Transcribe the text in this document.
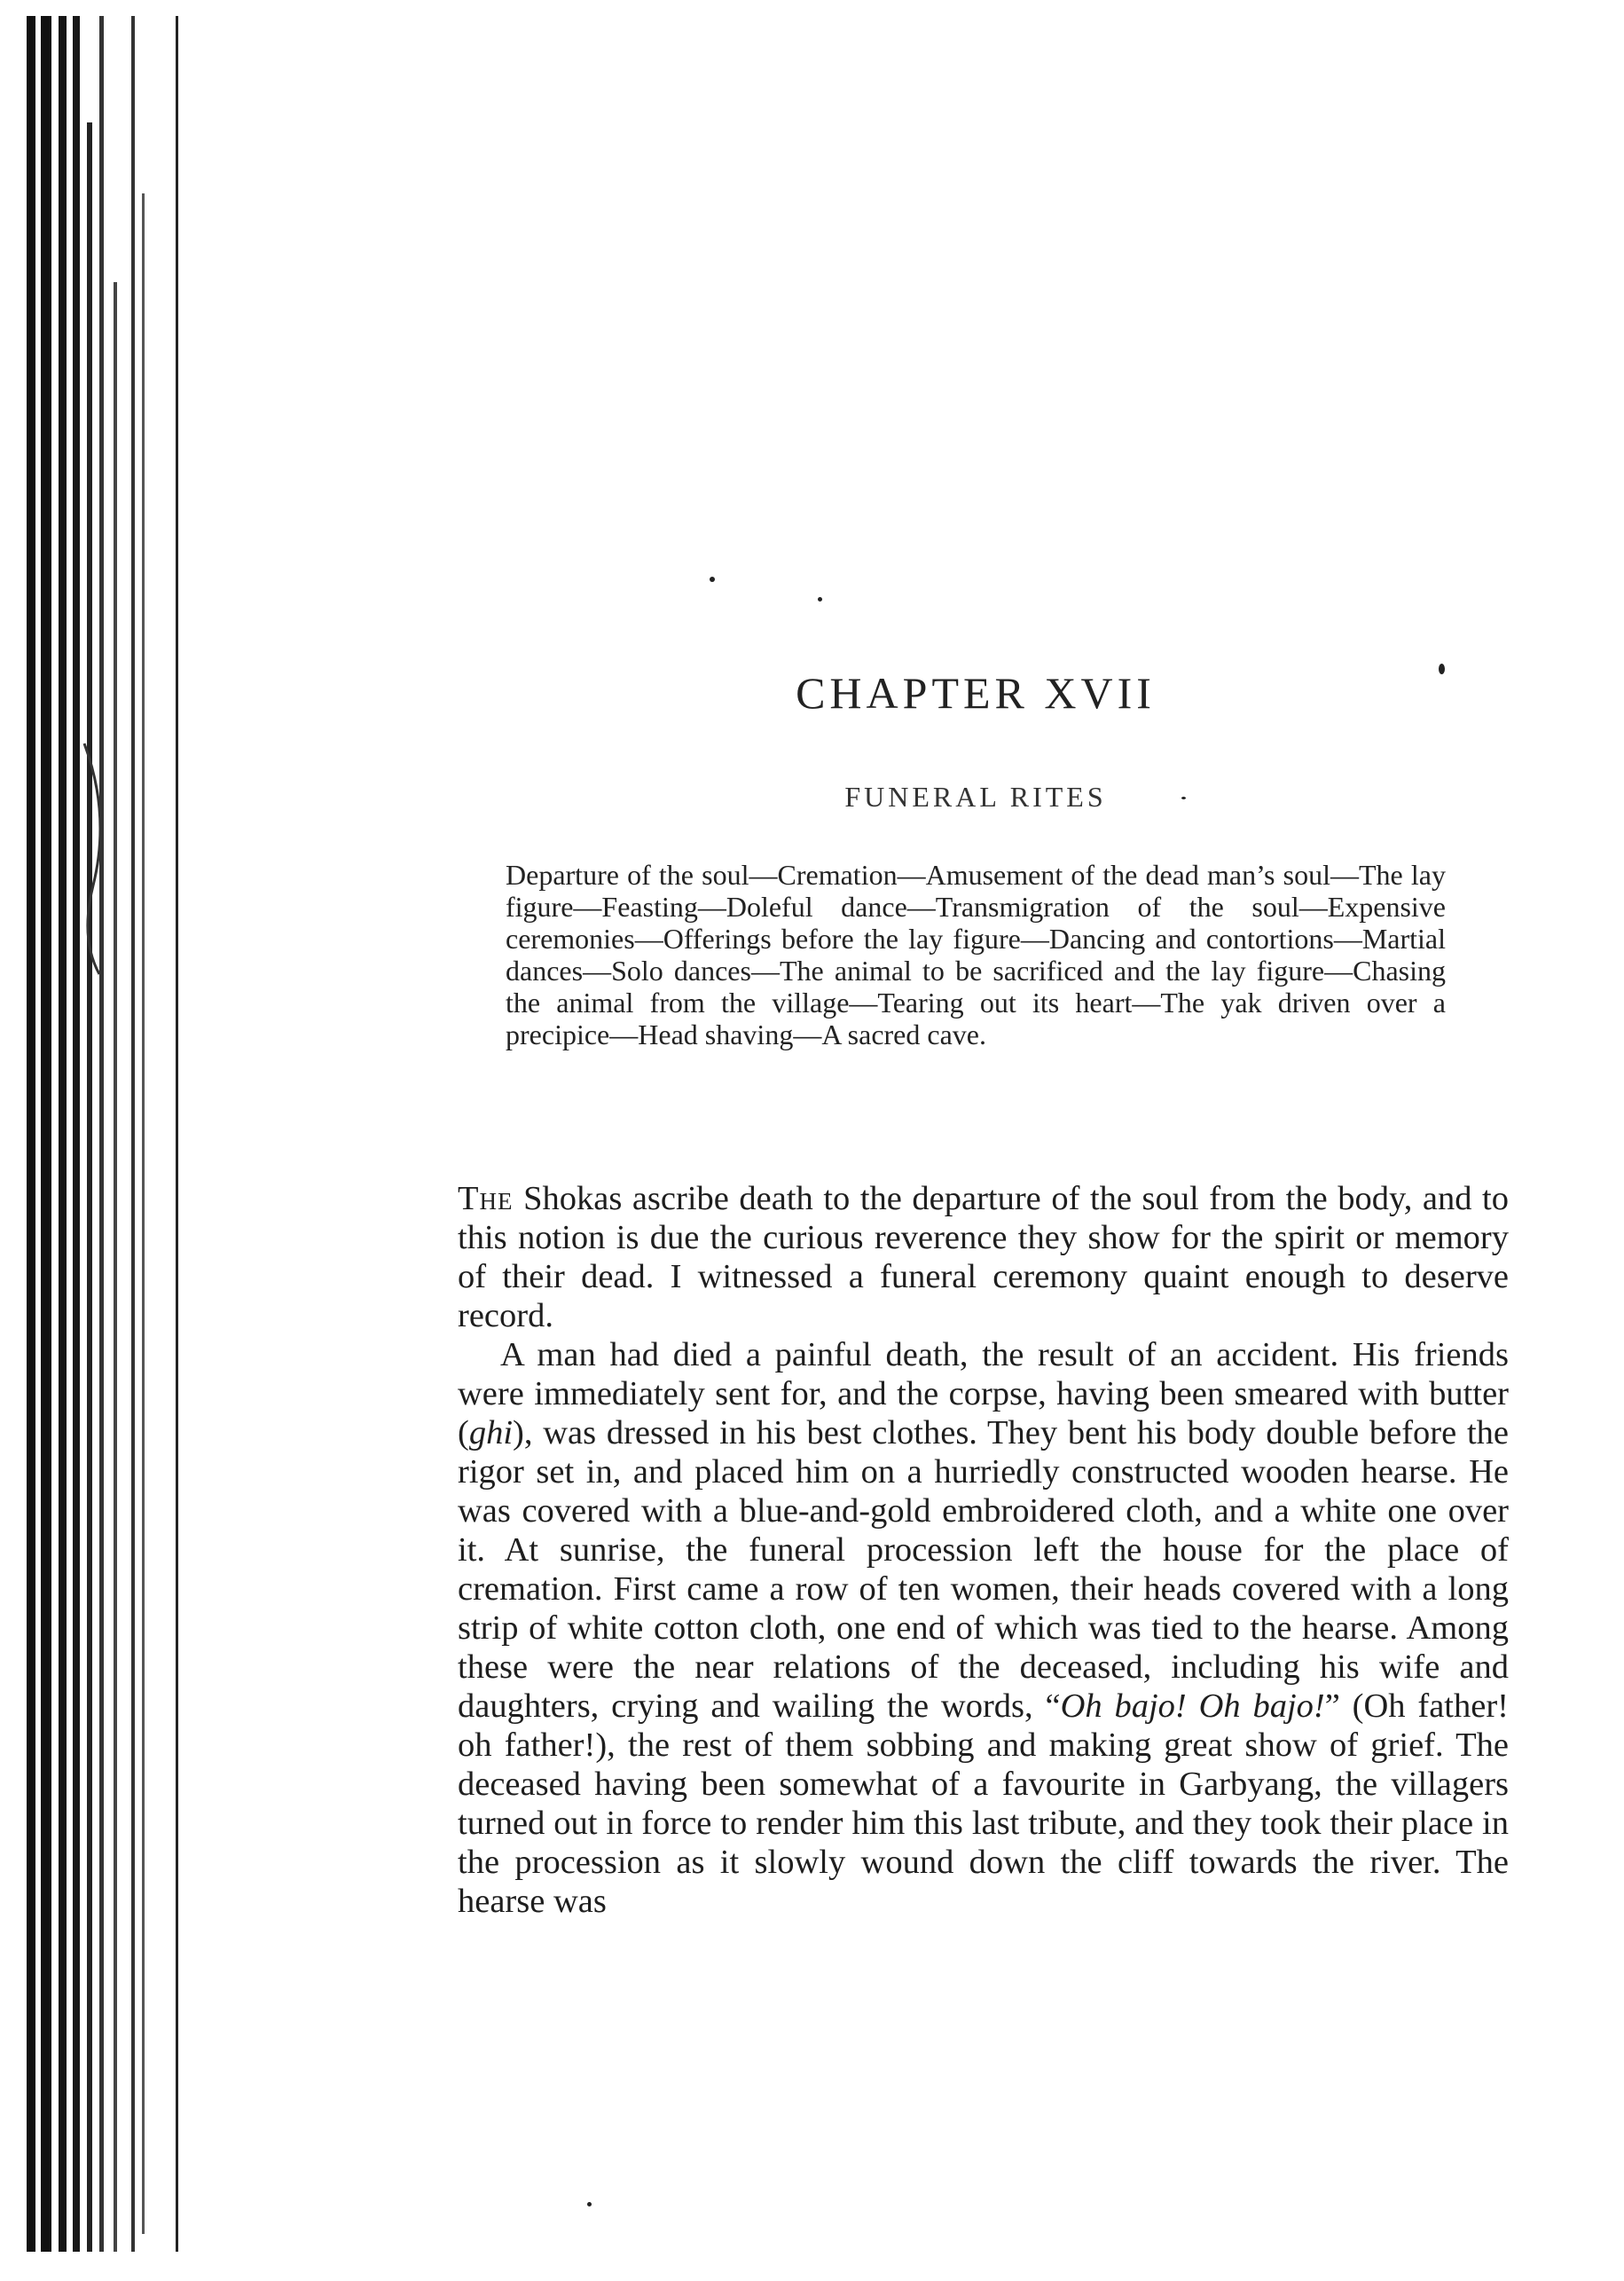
CHAPTER XVII
FUNERAL RITES
Departure of the soul—Cremation—Amusement of the dead man’s soul—The lay figure—Feasting—Doleful dance—Transmigration of the soul—Expensive ceremonies—Offerings before the lay figure—Dancing and contortions—Martial dances—Solo dances—The animal to be sacrificed and the lay figure—Chasing the animal from the village—Tearing out its heart—The yak driven over a precipice—Head shaving—A sacred cave.

The Shokas ascribe death to the departure of the soul from the body, and to this notion is due the curious reverence they show for the spirit or memory of their dead. I witnessed a funeral ceremony quaint enough to deserve record.

A man had died a painful death, the result of an accident. His friends were immediately sent for, and the corpse, having been smeared with butter (ghi), was dressed in his best clothes. They bent his body double before the rigor set in, and placed him on a hurriedly constructed wooden hearse. He was covered with a blue-and-gold embroidered cloth, and a white one over it. At sunrise, the funeral procession left the house for the place of cremation. First came a row of ten women, their heads covered with a long strip of white cotton cloth, one end of which was tied to the hearse. Among these were the near relations of the deceased, including his wife and daughters, crying and wailing the words, “Oh bajo! Oh bajo!” (Oh father! oh father!), the rest of them sobbing and making great show of grief. The deceased having been somewhat of a favourite in Garbyang, the villagers turned out in force to render him this last tribute, and they took their place in the procession as it slowly wound down the cliff towards the river. The hearse was
